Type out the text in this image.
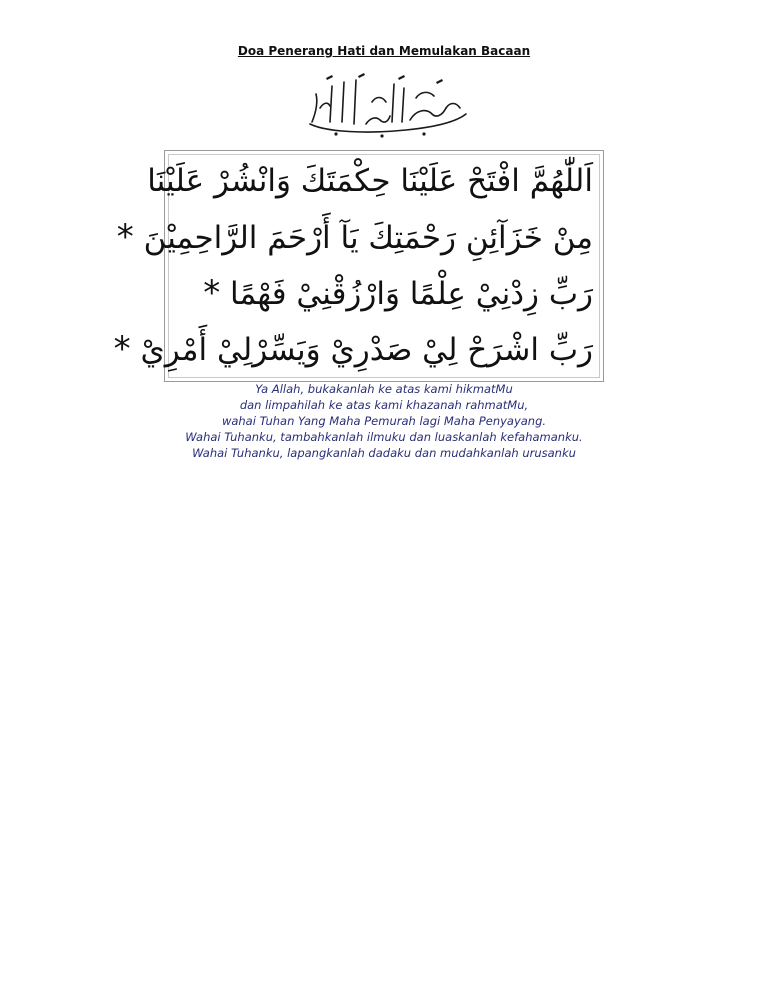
Doa Penerang Hati dan Memulakan Bacaan
اَللّٰهُمَّ افْتَحْ عَلَيْنَا حِكْمَتَكَ وَانْشُرْ عَلَيْنَا
مِنْ خَزَآئِنِ رَحْمَتِكَ يَآ أَرْحَمَ الرَّاحِمِيْنَ *
رَبِّ زِدْنِيْ عِلْمًا وَارْزُقْنِيْ فَهْمًا *
رَبِّ اشْرَحْ لِيْ صَدْرِيْ وَيَسِّرْلِيْ أَمْرِيْ *
Ya Allah, bukakanlah ke atas kami hikmatMu
dan limpahilah ke atas kami khazanah rahmatMu,
wahai Tuhan Yang Maha Pemurah lagi Maha Penyayang.
Wahai Tuhanku, tambahkanlah ilmuku dan luaskanlah kefahamanku.
Wahai Tuhanku, lapangkanlah dadaku dan mudahkanlah urusanku
